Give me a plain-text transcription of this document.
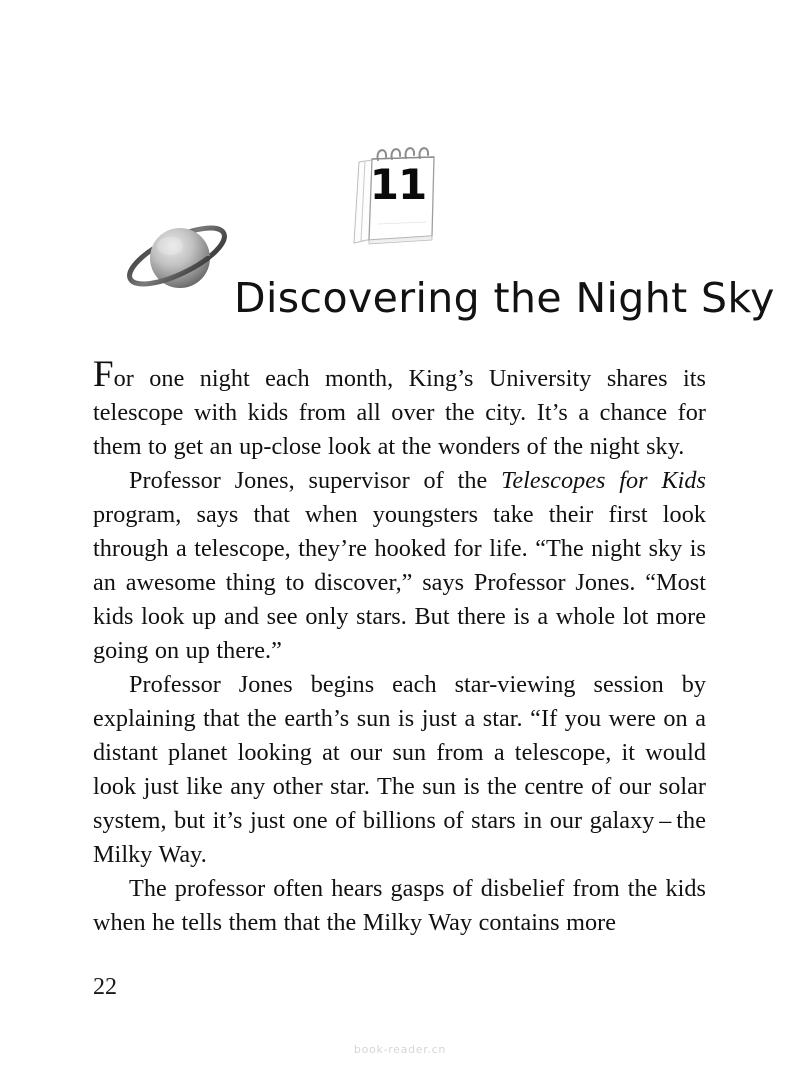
11
Discovering the Night Sky

For one night each month, King’s University shares its telescope with kids from all over the city. It’s a chance for them to get an up-close look at the wonders of the night sky.

Professor Jones, supervisor of the Telescopes for Kids program, says that when youngsters take their first look through a telescope, they’re hooked for life. “The night sky is an awesome thing to discover,” says Professor Jones. “Most kids look up and see only stars. But there is a whole lot more going on up there.”

Professor Jones begins each star-viewing session by explaining that the earth’s sun is just a star. “If you were on a distant planet looking at our sun from a telescope, it would look just like any other star. The sun is the centre of our solar system, but it’s just one of billions of stars in our galaxy – the Milky Way.

The professor often hears gasps of disbelief from the kids when he tells them that the Milky Way contains more

22
book-reader.cn
